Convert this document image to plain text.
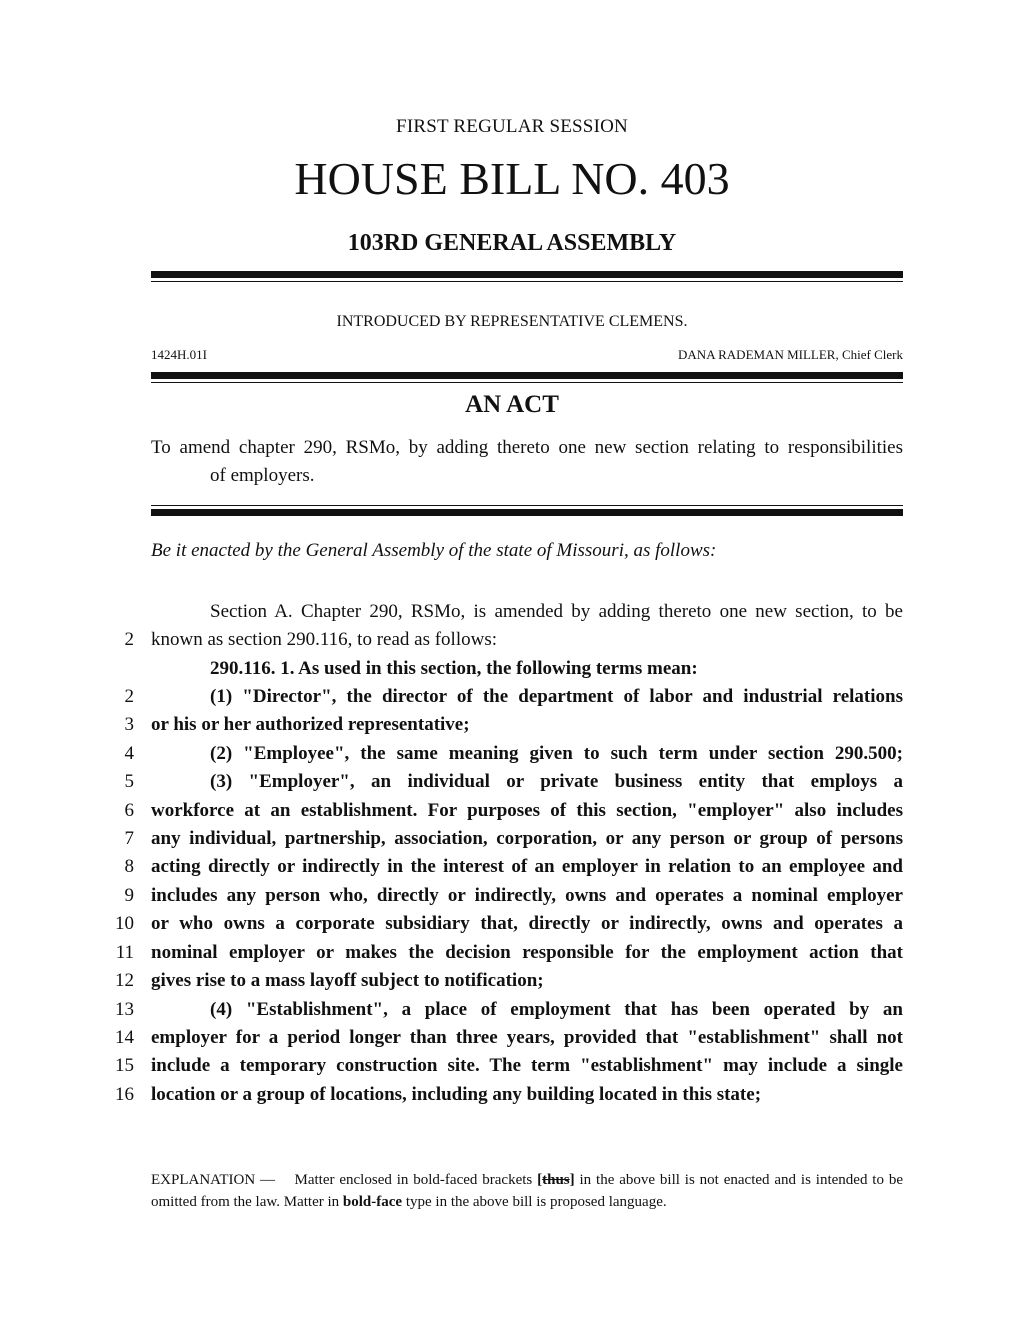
FIRST REGULAR SESSION
HOUSE BILL NO. 403
103RD GENERAL ASSEMBLY
INTRODUCED BY REPRESENTATIVE CLEMENS.
1424H.01I	DANA RADEMAN MILLER, Chief Clerk
AN ACT
To amend chapter 290, RSMo, by adding thereto one new section relating to responsibilities
of employers.
Be it enacted by the General Assembly of the state of Missouri, as follows:
Section A. Chapter 290, RSMo, is amended by adding thereto one new section, to be
2 known as section 290.116, to read as follows:
290.116. 1. As used in this section, the following terms mean:
2	(1) "Director", the director of the department of labor and industrial relations
3 or his or her authorized representative;
4	(2) "Employee", the same meaning given to such term under section 290.500;
5	(3) "Employer", an individual or private business entity that employs a
6 workforce at an establishment. For purposes of this section, "employer" also includes
7 any individual, partnership, association, corporation, or any person or group of persons
8 acting directly or indirectly in the interest of an employer in relation to an employee and
9 includes any person who, directly or indirectly, owns and operates a nominal employer
10 or who owns a corporate subsidiary that, directly or indirectly, owns and operates a
11 nominal employer or makes the decision responsible for the employment action that
12 gives rise to a mass layoff subject to notification;
13	(4) "Establishment", a place of employment that has been operated by an
14 employer for a period longer than three years, provided that "establishment" shall not
15 include a temporary construction site. The term "establishment" may include a single
16 location or a group of locations, including any building located in this state;
EXPLANATION — Matter enclosed in bold-faced brackets [thus] in the above bill is not enacted and is intended to be omitted from the law. Matter in bold-face type in the above bill is proposed language.
